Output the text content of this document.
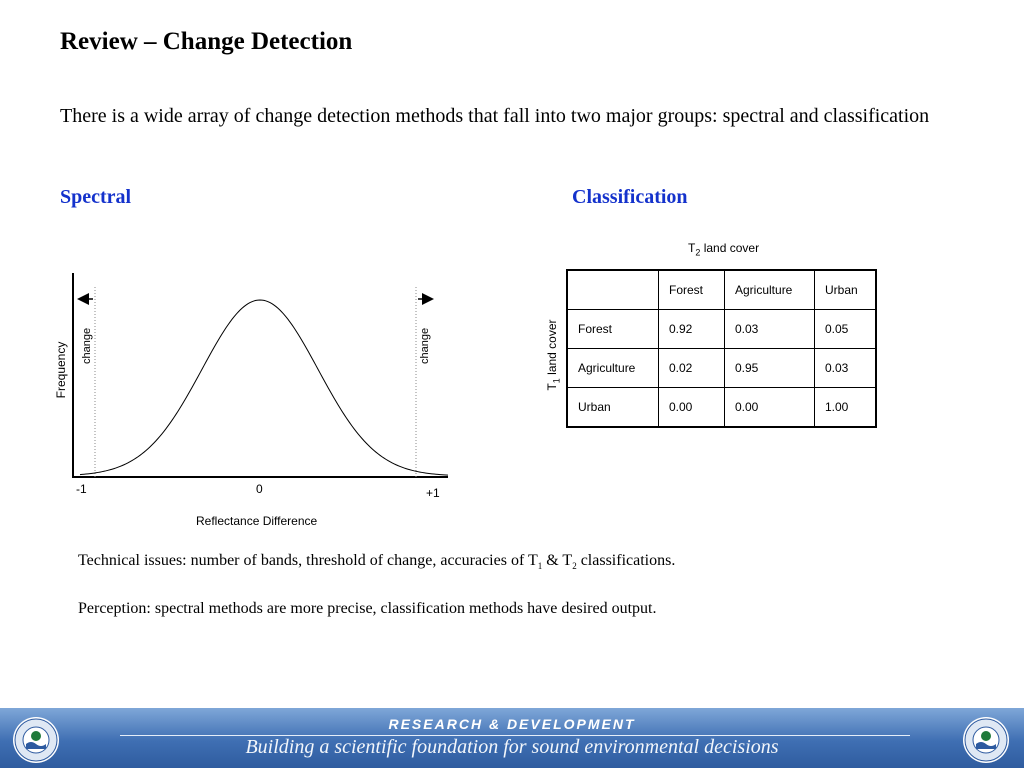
Review – Change Detection
There is a wide array of change detection methods that fall into two major groups: spectral and classification
Spectral	Classification
change	change
Frequency
-1	0	+1
Reflectance Difference
$T_2$ land cover
$T_1$ land cover
	Forest	Agriculture	Urban
Forest	0.92	0.03	0.05
Agriculture	0.02	0.95	0.03
Urban	0.00	0.00	1.00
Technical issues: number of bands, threshold of change, accuracies of $T_1$ & $T_2$ classifications.
Perception: spectral methods are more precise, classification methods have desired output.
RESEARCH & DEVELOPMENT
Building a scientific foundation for sound environmental decisions
